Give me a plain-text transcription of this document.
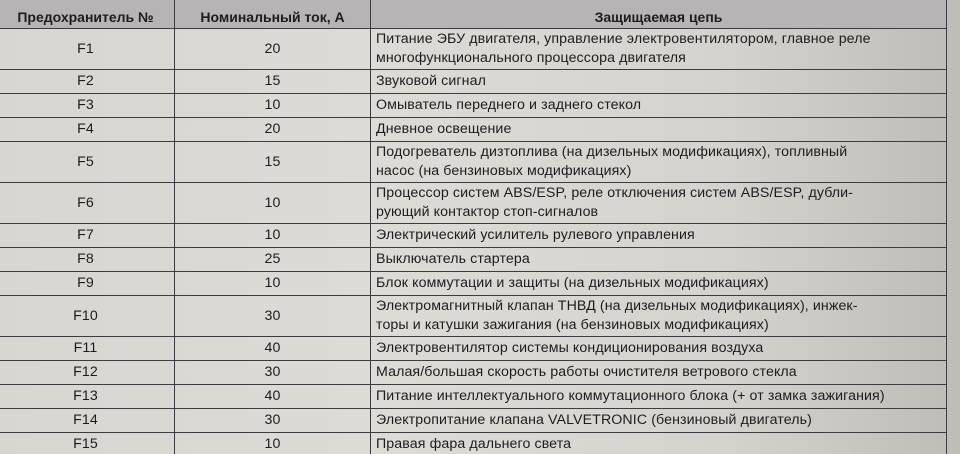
Предохранитель №	Номинальный ток, А	Защищаемая цепь
F1	20	Питание ЭБУ двигателя, управление электровентилятором, главное реле
многофункционального процессора двигателя

F2	15	Звуковой сигнал

F3	10	Омыватель переднего и заднего стекол

F4	20	Дневное освещение

F5	15	Подогреватель дизтоплива (на дизельных модификациях), топливный
насос (на бензиновых модификациях)

F6	10	Процессор систем ABS/ESP, реле отключения систем ABS/ESP, дубли-
рующий контактор стоп-сигналов

F7	10	Электрический усилитель рулевого управления

F8	25	Выключатель стартера

F9	10	Блок коммутации и защиты (на дизельных модификациях)

F10	30	Электромагнитный клапан ТНВД (на дизельных модификациях), инжек-
торы и катушки зажигания (на бензиновых модификациях)

F11	40	Электровентилятор системы кондиционирования воздуха

F12	30	Малая/большая скорость работы очистителя ветрового стекла

F13	40	Питание интеллектуального коммутационного блока (+ от замка зажигания)

F14	30	Электропитание клапана VALVETRONIC (бензиновый двигатель)

F15	10	Правая фара дальнего света
